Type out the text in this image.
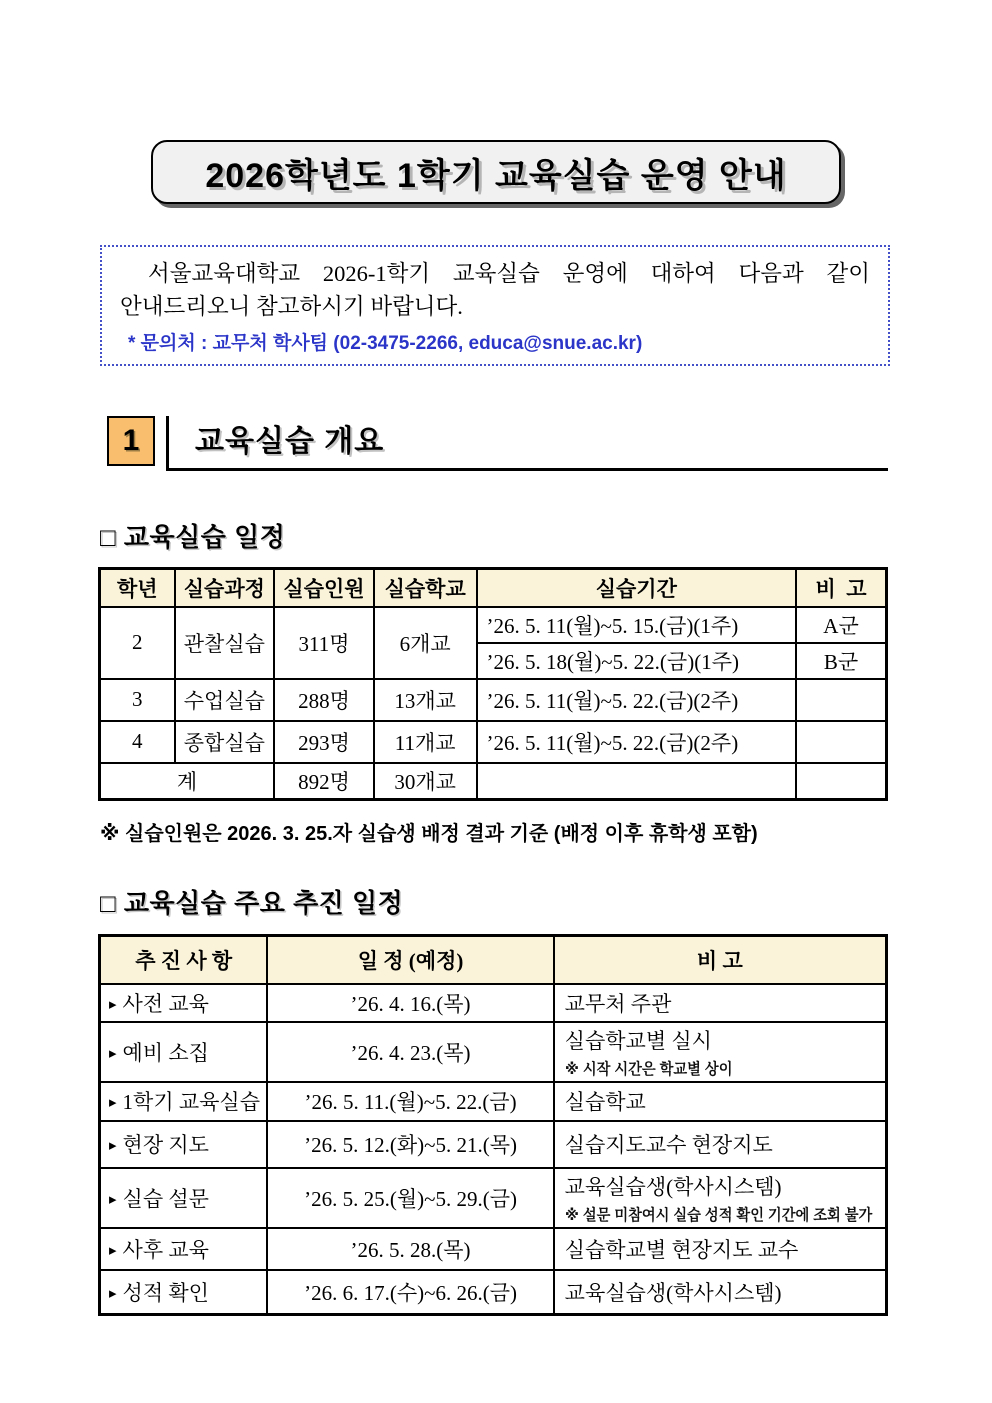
2026학년도 1학기 교육실습 운영 안내
서울교육대학교 2026-1학기 교육실습 운영에 대하여 다음과 같이 안내드리오니 참고하시기 바랍니다.
* 문의처 : 교무처 학사팀 (02-3475-2266, educa@snue.ac.kr)
1	교육실습 개요
□ 교육실습 일정
학년	실습과정	실습인원	실습학교	실습기간	비  고
2	관찰실습	311명	6개교	’26. 5. 11(월)~5. 15.(금)(1주)	A군
				’26. 5. 18(월)~5. 22.(금)(1주)	B군
3	수업실습	288명	13개교	’26. 5. 11(월)~5. 22.(금)(2주)	
4	종합실습	293명	11개교	’26. 5. 11(월)~5. 22.(금)(2주)	
계		892명	30개교		
※ 실습인원은 2026. 3. 25.자 실습생 배정 결과 기준 (배정 이후 휴학생 포함)
□ 교육실습 주요 추진 일정
추 진 사 항	일 정 (예정)	비 고
▸ 사전 교육	’26. 4. 16.(목)	교무처 주관
▸ 예비 소집	’26. 4. 23.(목)	실습학교별 실시
※ 시작 시간은 학교별 상이

▸ 1학기 교육실습	’26. 5. 11.(월)~5. 22.(금)	실습학교
▸ 현장 지도	’26. 5. 12.(화)~5. 21.(목)	실습지도교수 현장지도
▸ 실습 설문	’26. 5. 25.(월)~5. 29.(금)	교육실습생(학사시스템)
※ 설문 미참여시 실습 성적 확인 기간에 조회 불가

▸ 사후 교육	’26. 5. 28.(목)	실습학교별 현장지도 교수
▸ 성적 확인	’26. 6. 17.(수)~6. 26.(금)	교육실습생(학사시스템)
